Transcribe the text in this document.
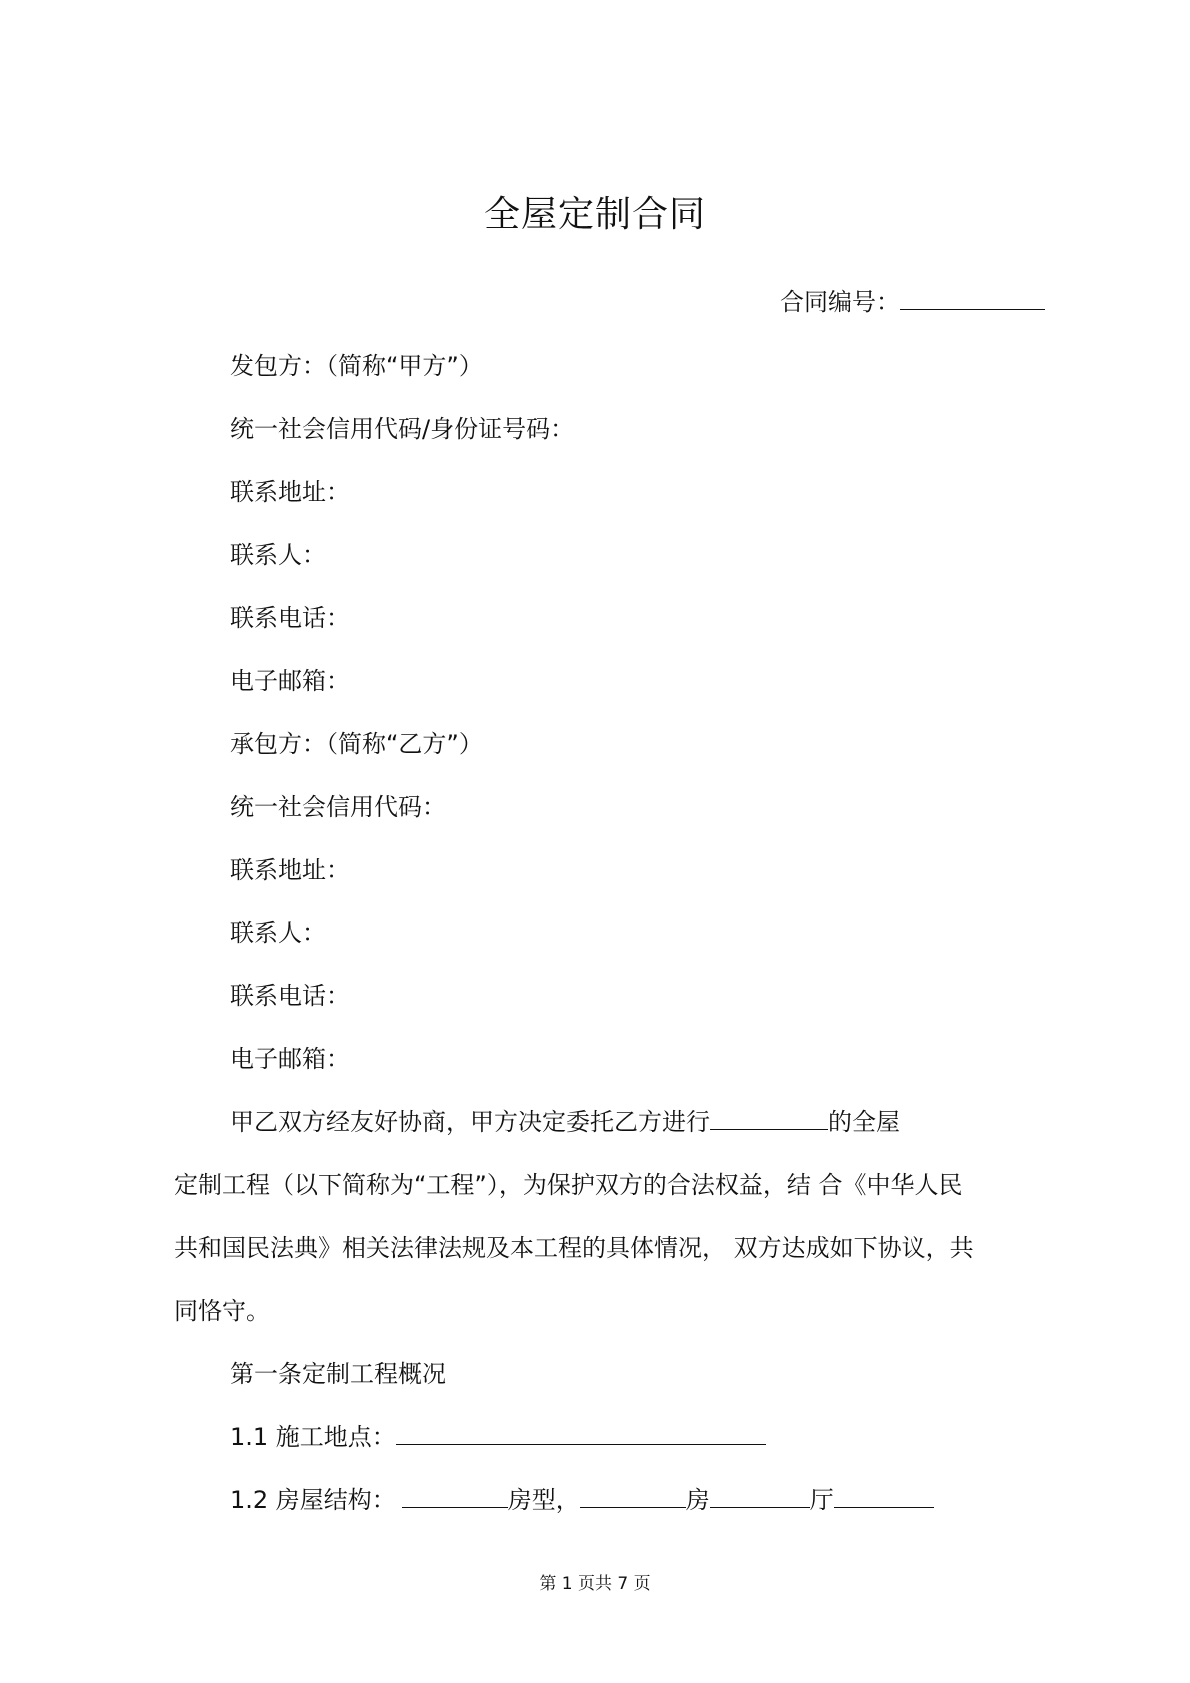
全屋定制合同
合同编号：
发包方：（简称“甲方”）
统一社会信用代码/身份证号码：
联系地址：
联系人：
联系电话：
电子邮箱：
承包方：（简称“乙方”）
统一社会信用代码：
联系地址：
联系人：
联系电话：
电子邮箱：
甲乙双方经友好协商，甲方决定委托乙方进行	的全屋
定制工程（以下简称为“工程”），为保护双方的合法权益，结 合《中华人民
共和国民法典》相关法律法规及本工程的具体情况， 双方达成如下协议，共
同恪守。
第一条定制工程概况
1.1 施工地点：
1.2 房屋结构：	房型，	房	厅
第 1 页共 7 页
